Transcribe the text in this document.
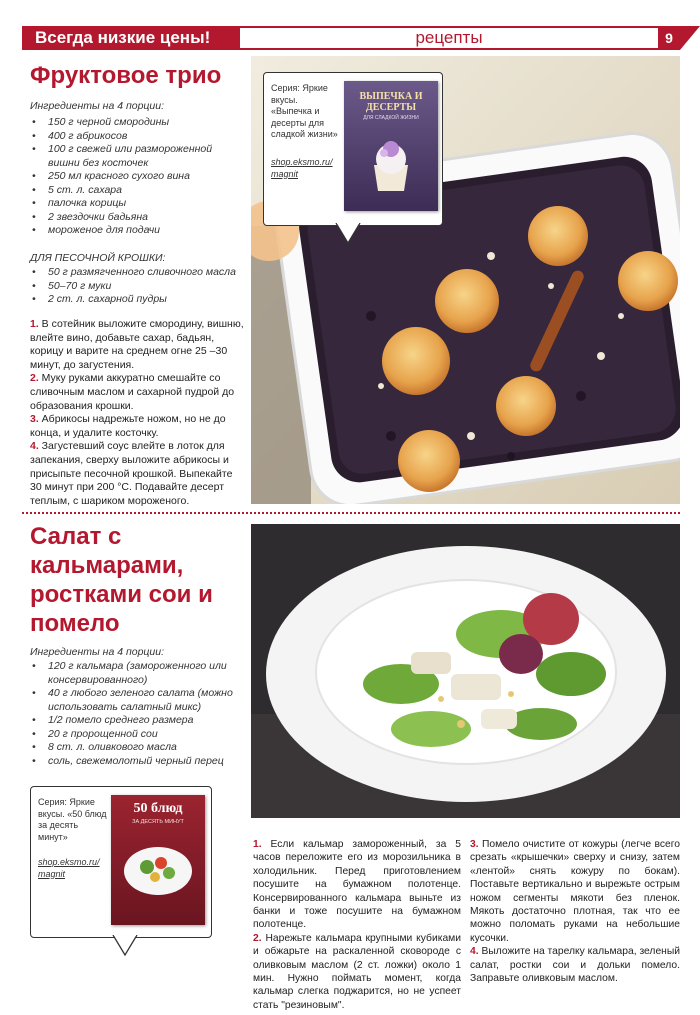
Всегда низкие цены!	рецепты	9
Фруктовое трио
Ингредиенты на 4 порции:
• 150 г черной смородины
• 400 г абрикосов
• 100 г свежей или размороженной вишни без косточек
• 250 мл красного сухого вина
• 5 ст. л. сахара
• палочка корицы
• 2 звездочки бадьяна
• мороженое для подачи
ДЛЯ ПЕСОЧНОЙ КРОШКИ:
• 50 г размягченного сливочного масла
• 50–70 г муки
• 2 ст. л. сахарной пудры

1. В сотейник выложите смородину, вишню, влейте вино, добавьте сахар, бадьян, корицу и варите на среднем огне 25 –30 минут, до загустения.

2. Муку руками аккуратно смешайте со сливочным маслом и сахарной пудрой до образования крошки.

3. Абрикосы надрежьте ножом, но не до конца, и удалите косточку.

4. Загустевший соус влейте в лоток для запекания, сверху выложите абрикосы и присыпьте песочной крошкой. Выпекайте 30 минут при 200 °C. Подавайте десерт теплым, с шариком мороженого.

Серия: Яркие вкусы. «Выпечка и десерты для сладкой жизни»
shop.eksmo.ru/ magnit
ВЫПЕЧКА И ДЕСЕРТЫ
ДЛЯ СЛАДКОЙ ЖИЗНИ
Салат с кальмарами, ростками сои и помело
Ингредиенты на 4 порции:
• 120 г кальмара (замороженного или консервированного)
• 40 г любого зеленого салата (можно использовать салатный микс)
• 1/2 помело среднего размера
• 20 г пророщенной сои
• 8 ст. л. оливкового масла
• соль, свежемолотый черный перец
Серия: Яркие вкусы. «50 блюд за десять минут»
shop.eksmo.ru/ magnit
50 блюд
ЗА ДЕСЯТЬ МИНУТ

1. Если кальмар замороженный, за 5 часов переложите его из морозильника в холодильник. Перед приготовлением посушите на бумажном полотенце. Консервированного кальмара выньте из банки и тоже посушите на бумажном полотенце.

2. Нарежьте кальмара крупными кубиками и обжарьте на раскаленной сковороде с оливковым маслом (2 ст. ложки) около 1 мин. Нужно поймать момент, когда кальмар слегка поджарится, но не успеет стать "резиновым".

3. Помело очистите от кожуры (легче всего срезать «крышечки» сверху и снизу, затем «лентой» снять кожуру по бокам). Поставьте вертикально и вырежьте острым ножом сегменты мякоти без пленок. Мякоть достаточно плотная, так что ее можно поломать руками на небольшие кусочки.

4. Выложите на тарелку кальмара, зеленый салат, ростки сои и дольки помело. Заправьте оливковым маслом.
